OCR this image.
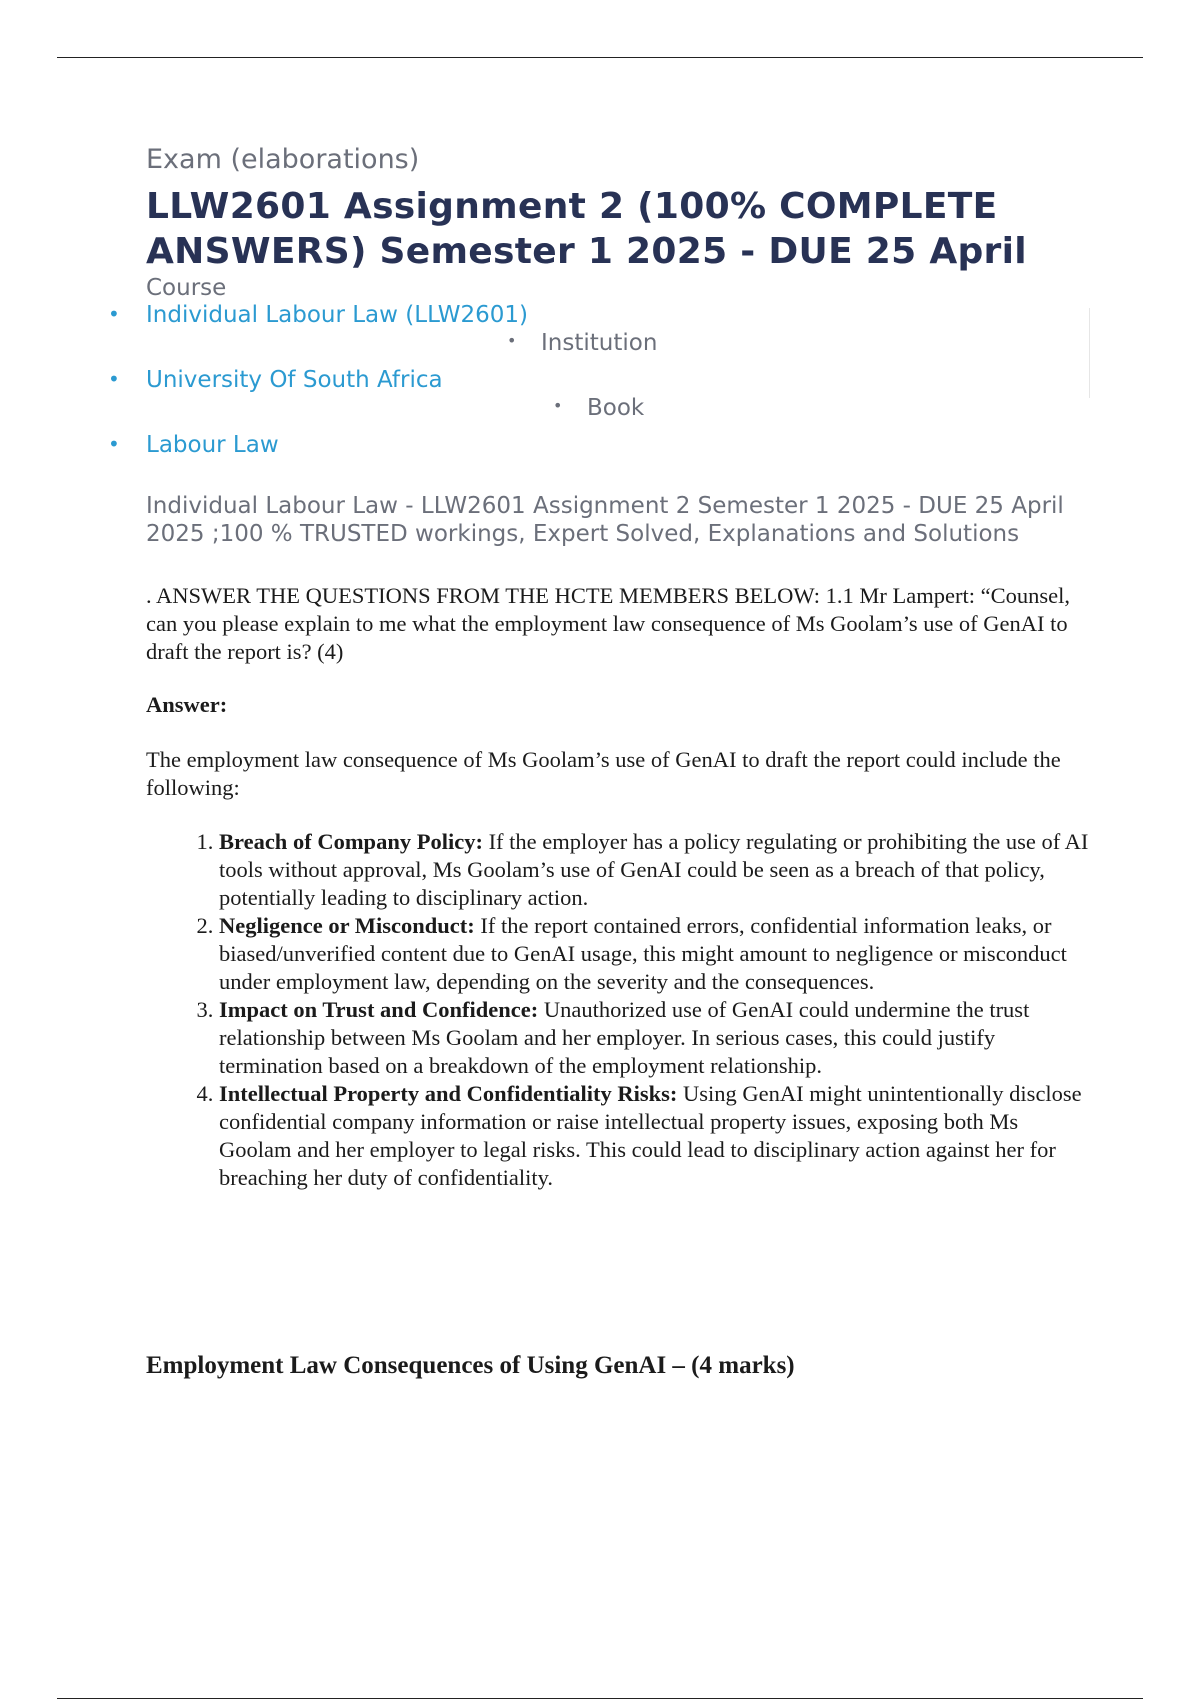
Exam (elaborations)
LLW2601 Assignment 2 (100% COMPLETE ANSWERS) Semester 1 2025 - DUE 25 April
Course
• Individual Labour Law (LLW2601)
• Institution
• University Of South Africa
• Book
• Labour Law
Individual Labour Law - LLW2601 Assignment 2 Semester 1 2025 - DUE 25 April 2025 ;100 % TRUSTED workings, Expert Solved, Explanations and Solutions
. ANSWER THE QUESTIONS FROM THE HCTE MEMBERS BELOW: 1.1 Mr Lampert: “Counsel, can you please explain to me what the employment law consequence of Ms Goolam’s use of GenAI to draft the report is? (4)
Answer:
The employment law consequence of Ms Goolam’s use of GenAI to draft the report could include the following:
1. Breach of Company Policy: If the employer has a policy regulating or prohibiting the use of AI tools without approval, Ms Goolam’s use of GenAI could be seen as a breach of that policy, potentially leading to disciplinary action.
2. Negligence or Misconduct: If the report contained errors, confidential information leaks, or biased/unverified content due to GenAI usage, this might amount to negligence or misconduct under employment law, depending on the severity and the consequences.
3. Impact on Trust and Confidence: Unauthorized use of GenAI could undermine the trust relationship between Ms Goolam and her employer. In serious cases, this could justify termination based on a breakdown of the employment relationship.
4. Intellectual Property and Confidentiality Risks: Using GenAI might unintentionally disclose confidential company information or raise intellectual property issues, exposing both Ms Goolam and her employer to legal risks. This could lead to disciplinary action against her for breaching her duty of confidentiality.
Employment Law Consequences of Using GenAI – (4 marks)
